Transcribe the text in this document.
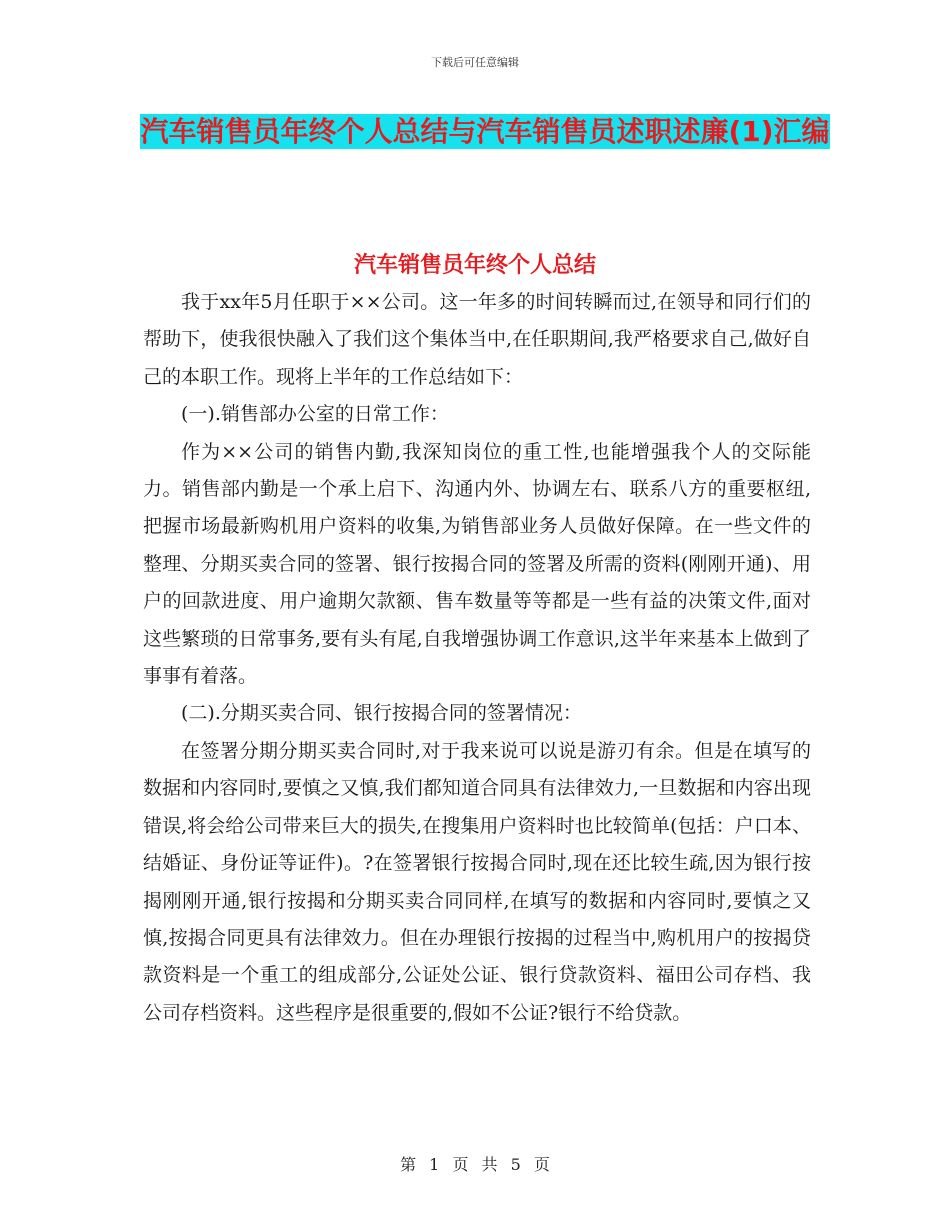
下载后可任意编辑
汽车销售员年终个人总结与汽车销售员述职述廉(1)汇编
汽车销售员年终个人总结

我于xx年5月任职于××公司。这一年多的时间转瞬而过,在领导和同行们的帮助下，使我很快融入了我们这个集体当中,在任职期间,我严格要求自己,做好自己的本职工作。现将上半年的工作总结如下：

(一).销售部办公室的日常工作：

作为××公司的销售内勤,我深知岗位的重工性,也能增强我个人的交际能力。销售部内勤是一个承上启下、沟通内外、协调左右、联系八方的重要枢纽,把握市场最新购机用户资料的收集,为销售部业务人员做好保障。在一些文件的整理、分期买卖合同的签署、银行按揭合同的签署及所需的资料(刚刚开通)、用户的回款进度、用户逾期欠款额、售车数量等等都是一些有益的决策文件,面对这些繁琐的日常事务,要有头有尾,自我增强协调工作意识,这半年来基本上做到了事事有着落。

(二).分期买卖合同、银行按揭合同的签署情况：

在签署分期分期买卖合同时,对于我来说可以说是游刃有余。但是在填写的数据和内容同时,要慎之又慎,我们都知道合同具有法律效力,一旦数据和内容出现错误,将会给公司带来巨大的损失,在搜集用户资料时也比较简单(包括：户口本、结婚证、身份证等证件)。?在签署银行按揭合同时,现在还比较生疏,因为银行按揭刚刚开通,银行按揭和分期买卖合同同样,在填写的数据和内容同时,要慎之又慎,按揭合同更具有法律效力。但在办理银行按揭的过程当中,购机用户的按揭贷款资料是一个重工的组成部分,公证处公证、银行贷款资料、福田公司存档、我公司存档资料。这些程序是很重要的,假如不公证?银行不给贷款。

第 1 页 共 5 页
